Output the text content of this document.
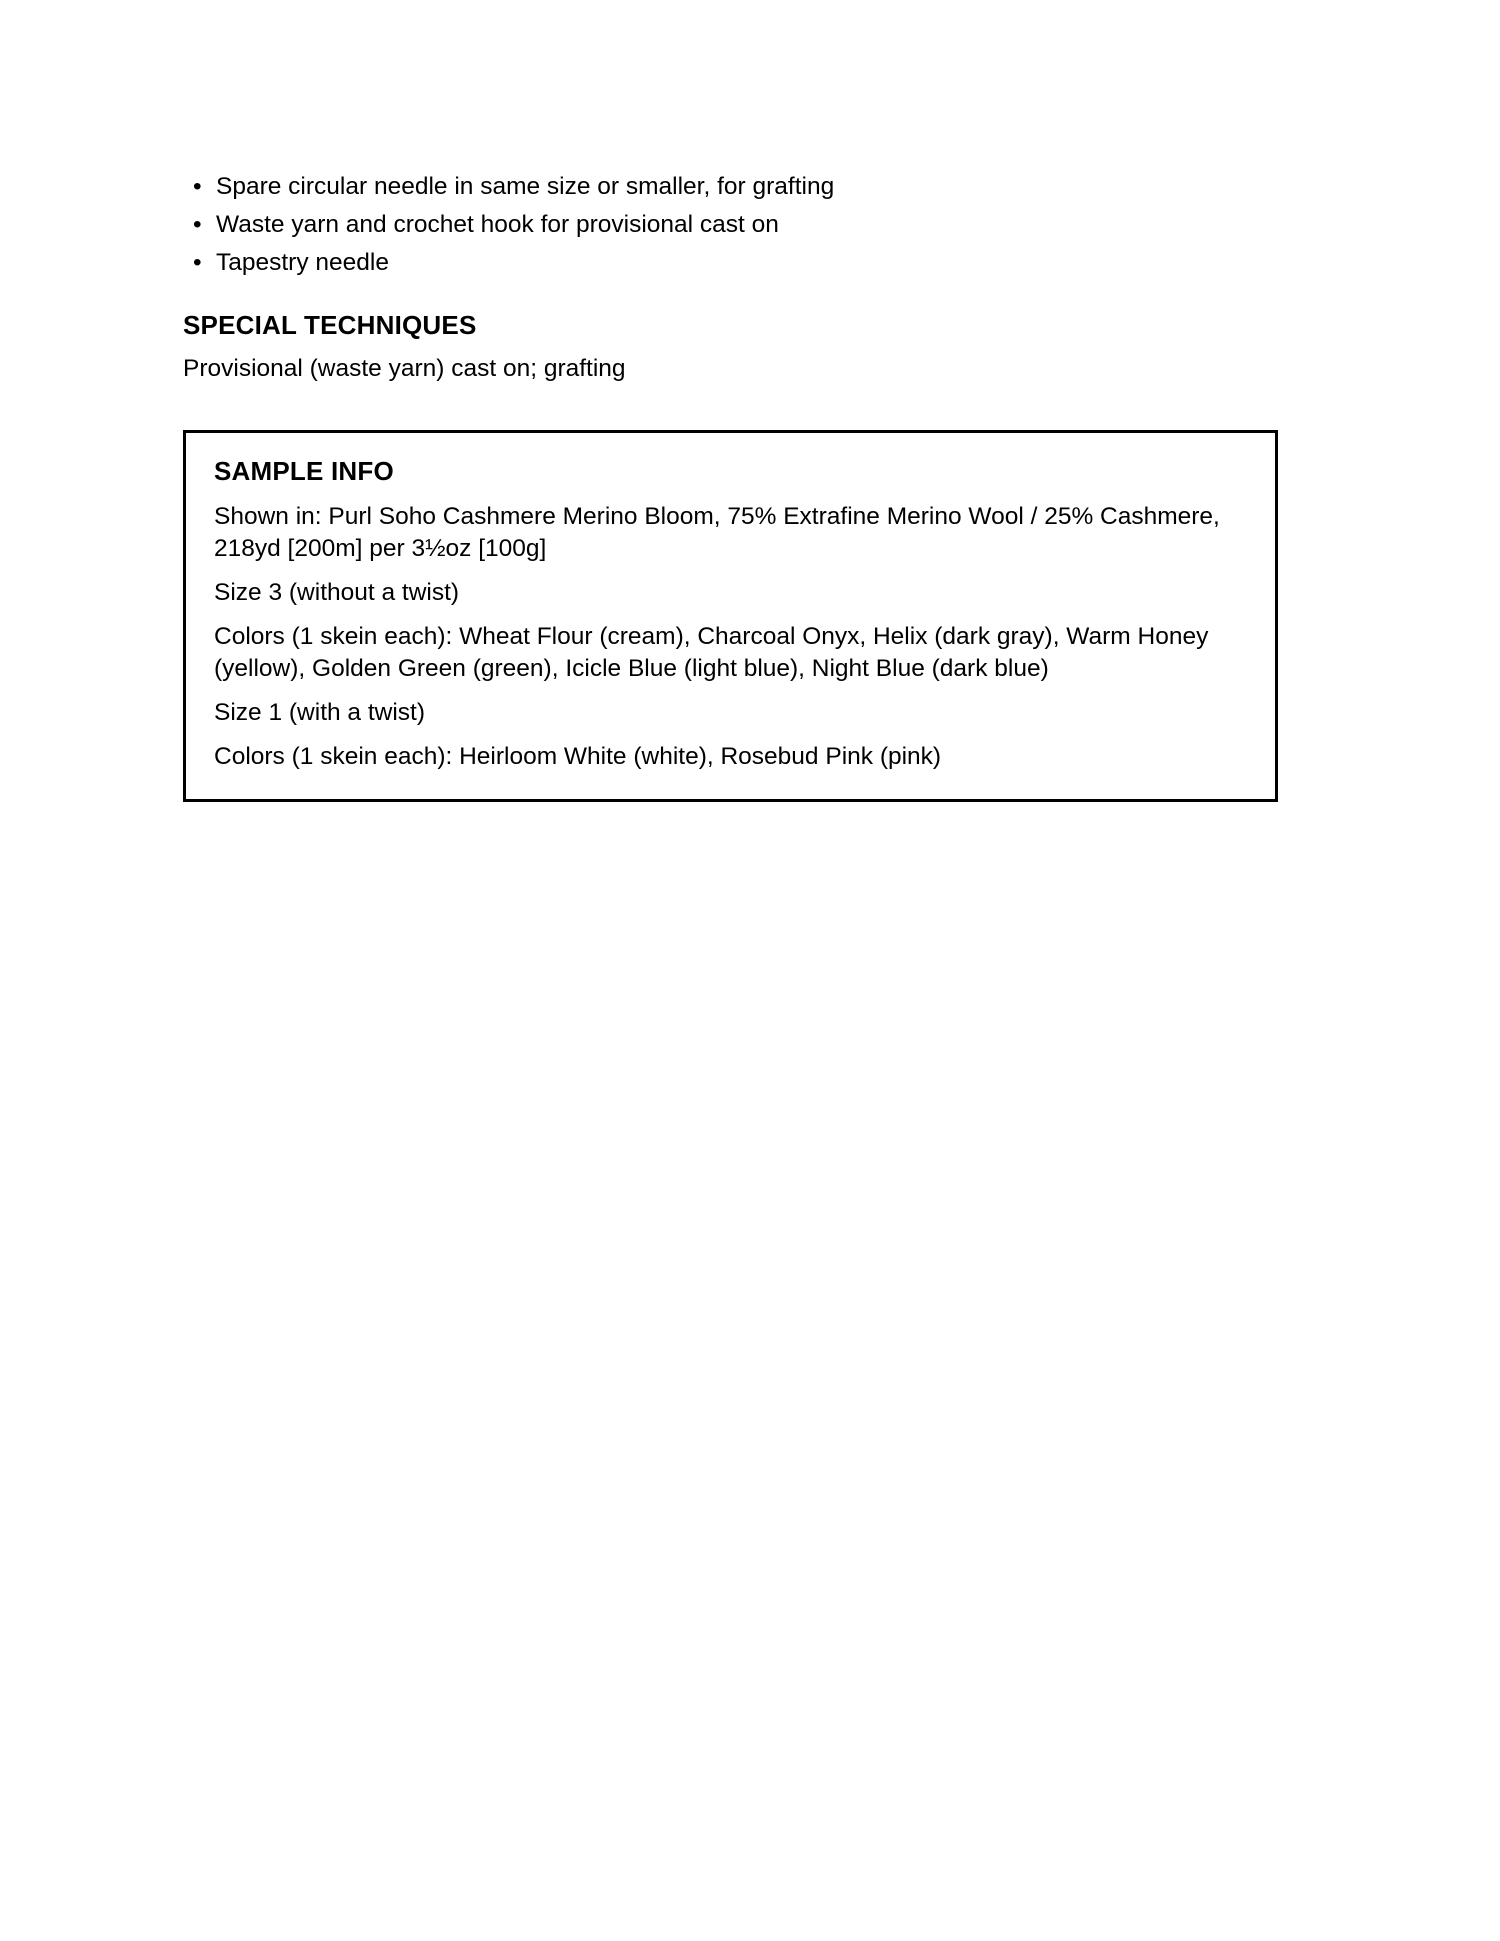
• Spare circular needle in same size or smaller, for grafting
• Waste yarn and crochet hook for provisional cast on
• Tapestry needle
SPECIAL TECHNIQUES

Provisional (waste yarn) cast on; grafting

SAMPLE INFO

Shown in: Purl Soho Cashmere Merino Bloom, 75% Extrafine Merino Wool / 25% Cashmere, 218yd [200m] per 3½oz [100g]

Size 3 (without a twist)

Colors (1 skein each): Wheat Flour (cream), Charcoal Onyx, Helix (dark gray), Warm Honey (yellow), Golden Green (green), Icicle Blue (light blue), Night Blue (dark blue)

Size 1 (with a twist)

Colors (1 skein each): Heirloom White (white), Rosebud Pink (pink)
